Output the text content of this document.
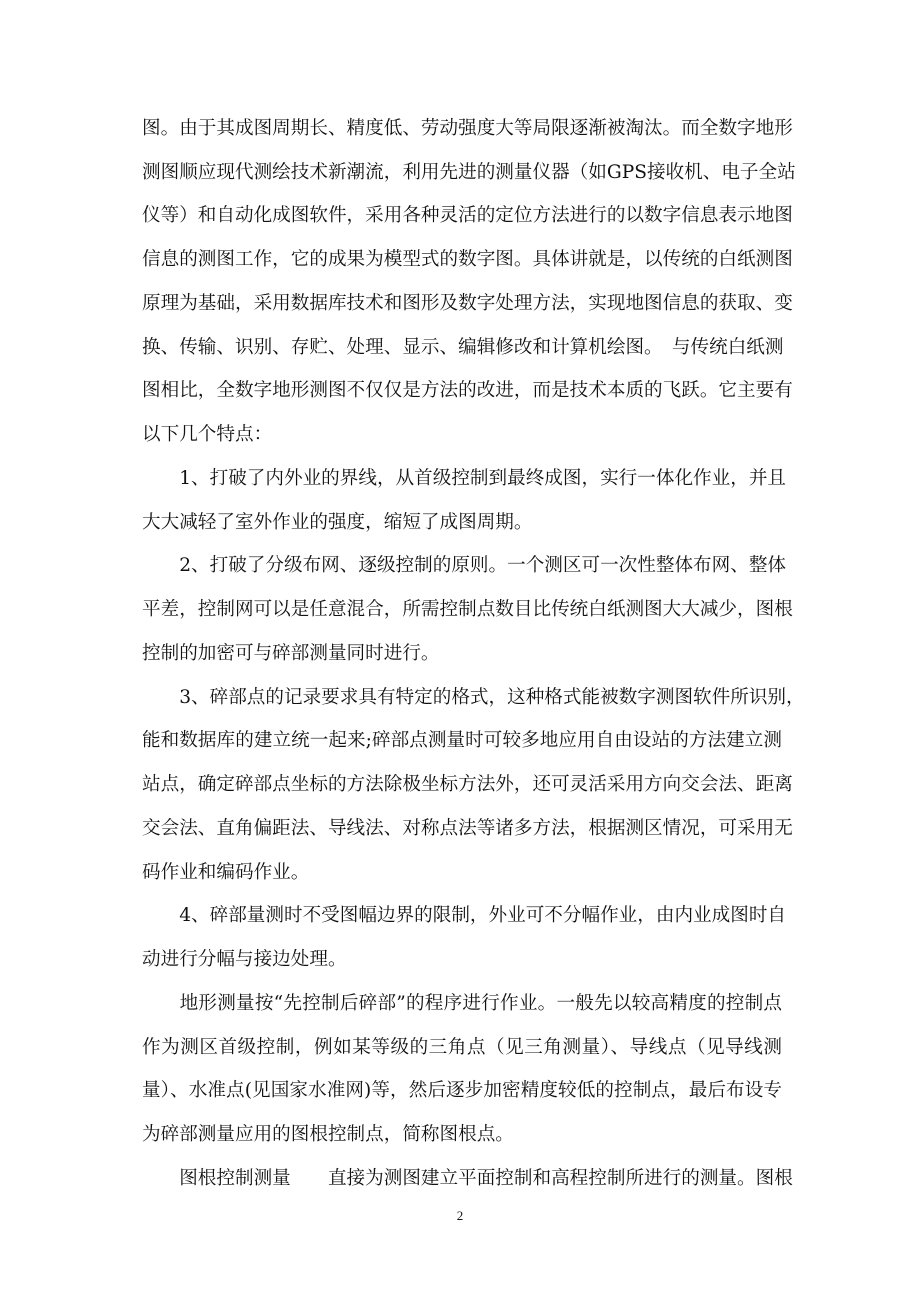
图。由于其成图周期长、精度低、劳动强度大等局限逐渐被淘汰。而全数字地形
测图顺应现代测绘技术新潮流，利用先进的测量仪器（如GPS接收机、电子全站
仪等）和自动化成图软件，采用各种灵活的定位方法进行的以数字信息表示地图
信息的测图工作，它的成果为模型式的数字图。具体讲就是，以传统的白纸测图
原理为基础，采用数据库技术和图形及数字处理方法，实现地图信息的获取、变
换、传输、识别、存贮、处理、显示、编辑修改和计算机绘图。　与传统白纸测
图相比，全数字地形测图不仅仅是方法的改进，而是技术本质的飞跃。它主要有
以下几个特点：
　　1、打破了内外业的界线，从首级控制到最终成图，实行一体化作业，并且
大大减轻了室外作业的强度，缩短了成图周期。
　　2、打破了分级布网、逐级控制的原则。一个测区可一次性整体布网、整体
平差，控制网可以是任意混合，所需控制点数目比传统白纸测图大大减少，图根
控制的加密可与碎部测量同时进行。
　　3、碎部点的记录要求具有特定的格式，这种格式能被数字测图软件所识别，
能和数据库的建立统一起来;碎部点测量时可较多地应用自由设站的方法建立测
站点，确定碎部点坐标的方法除极坐标方法外，还可灵活采用方向交会法、距离
交会法、直角偏距法、导线法、对称点法等诸多方法，根据测区情况，可采用无
码作业和编码作业。
　　4、碎部量测时不受图幅边界的限制，外业可不分幅作业，由内业成图时自
动进行分幅与接边处理。
　　地形测量按“先控制后碎部”的程序进行作业。一般先以较高精度的控制点
作为测区首级控制，例如某等级的三角点（见三角测量）、导线点（见导线测
量）、水准点(见国家水准网)等，然后逐步加密精度较低的控制点，最后布设专
为碎部测量应用的图根控制点，简称图根点。
　　图根控制测量　　直接为测图建立平面控制和高程控制所进行的测量。图根
2
